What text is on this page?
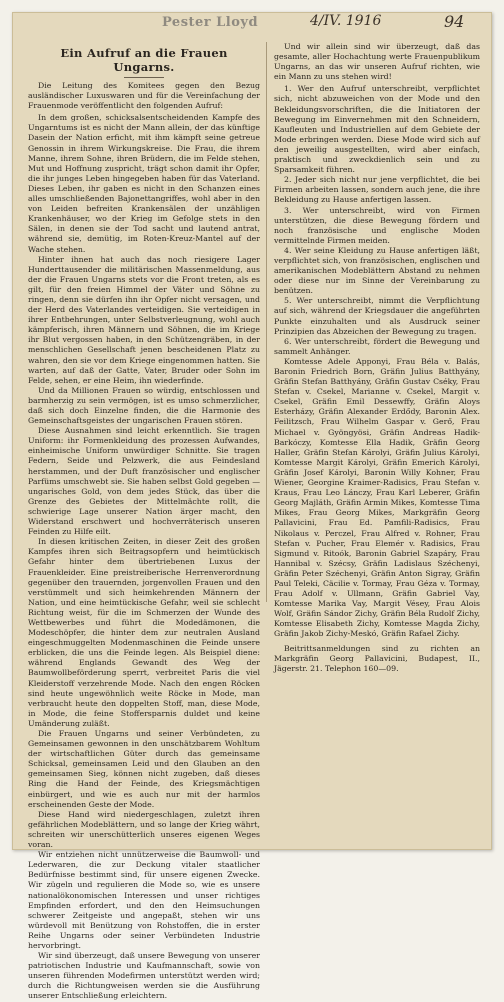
Pester Lloyd	4/IV. 1916	94
Ein Aufruf an die Frauen Ungarns.

Die Leitung des Komitees gegen den Bezug ausländischer Luxuswaren und für die Vereinfachung der Frauenmode veröffentlicht den folgenden Aufruf:

In dem großen, schicksalsentscheidenden Kampfe des Ungarntums ist es nicht der Mann allein, der das künftige Dasein der Nation erficht, mit ihm kämpft seine getreue Genossin in ihrem Wirkungskreise. Die Frau, die ihrem Manne, ihrem Sohne, ihren Brüdern, die im Felde stehen, Mut und Hoffnung zuspricht, trägt schon damit ihr Opfer, die ihr junges Leben hingegeben haben für das Vaterland. Dieses Leben, ihr gaben es nicht in den Schanzen eines alles umschließenden Bajonettangriffes, wohl aber in den von Leiden befreiten Krankensälen der unzähligen Krankenhäuser, wo der Krieg im Gefolge stets in den Sälen, in denen sie der Tod sacht und lautend antrat, während sie, demütig, im Roten-Kreuz-Mantel auf der Wache stehen.

Hinter ihnen hat auch das noch riesigere Lager Hunderttausender die militärischen Massenmeldung, aus der die Frauen Ungarns stets vor die Front treten, als es gilt, für den freien Himmel der Väter und Söhne zu ringen, denn sie dürfen ihn ihr Opfer nicht versagen, und der Herd des Vaterlandes verteidigen. Sie verteidigen in ihrer Entbehrungen, unter Selbstverleugnung, wohl auch kämpferisch, ihren Männern und Söhnen, die im Kriege ihr Blut vergossen haben, in den Schützengräben, in der menschlichen Gesellschaft jenen bescheidenen Platz zu wahren, den sie vor dem Kriege eingenommen hatten. Sie warten, auf daß der Gatte, Vater, Bruder oder Sohn im Felde, sehen, er eine Heim, ihn wiederfinde.

Und da Millionen Frauen so würdig, entschlossen und barmherzig zu sein vermögen, ist es umso schmerzlicher, daß sich doch Einzelne finden, die die Harmonie des Gemeinschaftsgeistes der ungarischen Frauen stören.

Diese Ausnahmen sind leicht erkenntlich. Sie tragen Uniform: ihr Formenkleidung des prozessen Aufwandes, einheimische Uniform unwürdiger Schnitte. Sie tragen Federn, Seide und Pelzwerk, die aus Feindesland herstammen, und der Duft französischer und englischer Parfüms umschwebt sie. Sie haben selbst Gold gegeben — ungarisches Gold, von dem jedes Stück, das über die Grenze des Gebietes der Mittelmächte rollt, die schwierige Lage unserer Nation ärger macht, den Widerstand erschwert und hochverräterisch unseren Feinden zu Hilfe eilt.

In diesen kritischen Zeiten, in dieser Zeit des großen Kampfes ihren sich Beitragsopfern und heimtückisch Gefahr hinter dem übertriebenen Luxus der Frauenkleider. Eine preistreiberische Herrenverordnung gegenüber den trauernden, jorgenvollen Frauen und den verstümmelt und sich heimkehrenden Männern der Nation, und eine heimtückische Gefahr, weil sie schlecht Richtung weist, für die im Schmerzen der Wunde des Wettbewerbes und führt die Modedämonen, die Modeschöpfer, die hinter dem zur neutralen Ausland eingeschmuggelten Modenmaschinen die Feinde unsere erblicken, die uns die Feinde legen. Als Beispiel diene: während Englands Gewandt des Weg der Baumwollbeförderung sperrt, verbreitet Paris die viel Kleiderstoff verzehrende Mode. Nach den engen Röcken sind heute ungewöhnlich weite Röcke in Mode, man verbraucht heute den doppelten Stoff, man, diese Mode, in Mode, die feine Stoffersparnis duldet und keine Umänderung zuläßt.

Die Frauen Ungarns und seiner Verbündeten, zu Gemeinsamen gewonnen in den unschätzbarem Wohltum der wirtschaftlichen Güter durch das gemeinsame Schicksal, gemeinsamen Leid und den Glauben an den gemeinsamen Sieg, können nicht zugeben, daß dieses Ring die Hand der Feinde, des Kriegsmächtigen einbürgert, und wie es auch nur mit der harmlos erscheinenden Geste der Mode.

Diese Hand wird niedergeschlagen, zuletzt ihren gefährlichen Modeblättern, und so lange der Krieg währt, schreiten wir unerschütterlich unseres eigenen Weges voran.

Wir entziehen nicht unnützerweise die Baumwoll- und Lederwaren, die zur Deckung vitaler staatlicher Bedürfnisse bestimmt sind, für unsere eigenen Zwecke. Wir zügeln und regulieren die Mode so, wie es unsere nationalökonomischen Interessen und unser richtiges Empfinden erfordert, und den den Heimsuchungen schwerer Zeitgeiste und angepaßt, stehen wir uns würdevoll mit Benützung von Rohstoffen, die in erster Reihe Ungarns oder seiner Verbündeten Industrie hervorbringt.

Wir sind überzeugt, daß unsere Bewegung von unserer patriotischen Industrie und Kaufmannschaft, sowie von unseren führenden Modefirmen unterstützt werden wird; durch die Richtungweisen werden sie die Ausführung unserer Entschließung erleichtern.

Und wir allein sind wir überzeugt, daß das gesamte, aller Hochachtung werte Frauenpublikum Ungarns, an das wir unseren Aufruf richten, wie ein Mann zu uns stehen wird!

1. Wer den Aufruf unterschreibt, verpflichtet sich, nicht abzuweichen von der Mode und den Bekleidungsvorschriften, die die Initiatoren der Bewegung im Einvernehmen mit den Schneidern, Kaufleuten und Industriellen auf dem Gebiete der Mode erbringen werden. Diese Mode wird sich auf den jeweilig ausgestellten, wird aber einfach, praktisch und zweckdienlich sein und zu Sparsamkeit führen.

2. Jeder sich nicht nur jene verpflichtet, die bei Firmen arbeiten lassen, sondern auch jene, die ihre Bekleidung zu Hause anfertigen lassen.

3. Wer unterschreibt, wird von Firmen unterstützen, die diese Bewegung fördern und noch französische und englische Moden vermittelnde Firmen meiden.

4. Wer seine Kleidung zu Hause anfertigen läßt, verpflichtet sich, von französischen, englischen und amerikanischen Modeblättern Abstand zu nehmen oder diese nur im Sinne der Vereinbarung zu benützen.

5. Wer unterschreibt, nimmt die Verpflichtung auf sich, während der Kriegsdauer die angeführten Punkte einzuhalten und als Ausdruck seiner Prinzipien das Abzeichen der Bewegung zu tragen.

6. Wer unterschreibt, fördert die Bewegung und sammelt Anhänger.

Komtesse Adele Apponyi, Frau Béla v. Balás, Baronin Friedrich Born, Gräfin Julius Batthyány, Gräfin Stefan Batthyány, Gräfin Gustav Cséky, Frau Stefan v. Csekel, Marianne v. Csekel, Margit v. Csekel, Gräfin Emil Dessewffy, Gräfin Aloys Esterházy, Gräfin Alexander Erdődy, Baronin Alex. Feilitzsch, Frau Wilhelm Gaspar v. Gerő, Frau Michael v. Gyöngyösi, Gräfin Andreas Hadik-Barkóczy, Komtesse Ella Hadik, Gräfin Georg Haller, Gräfin Stefan Károlyi, Gräfin Julius Károlyi, Komtesse Margit Károlyi, Gräfin Emerich Károlyi, Gräfin Josef Károlyi, Baronin Willy Kohner, Frau Wiener, Georgine Kraimer-Radisics, Frau Stefan v. Kraus, Frau Leo Lánczy, Frau Karl Leberer, Gräfin Georg Majláth, Gräfin Armin Mikes, Komtesse Tima Mikes, Frau Georg Mikes, Markgräfin Georg Pallavicini, Frau Ed. Pamfili-Radisics, Frau Nikolaus v. Perczel, Frau Alfred v. Rohner, Frau Stefan v. Pucher, Frau Elemér v. Radisics, Frau Sigmund v. Ritoók, Baronin Gabriel Szapáry, Frau Hannibal v. Szécsy, Gräfin Ladislaus Széchenyi, Gräfin Peter Széchenyi, Gräfin Anton Sigray, Gräfin Paul Teleki, Cäcilie v. Tormay, Frau Géza v. Tormay, Frau Adolf v. Ullmann, Gräfin Gabriel Vay, Komtesse Marika Vay, Margit Vésey, Frau Alois Wolf, Gräfin Sándor Zichy, Gräfin Béla Rudolf Zichy, Komtesse Elisabeth Zichy, Komtesse Magda Zichy, Gräfin Jakob Zichy-Meskó, Gräfin Rafael Zichy.

Beitrittsanmeldungen sind zu richten an Markgräfin Georg Pallavicini, Budapest, II., Jägerstr. 21. Telephon 160—09.
